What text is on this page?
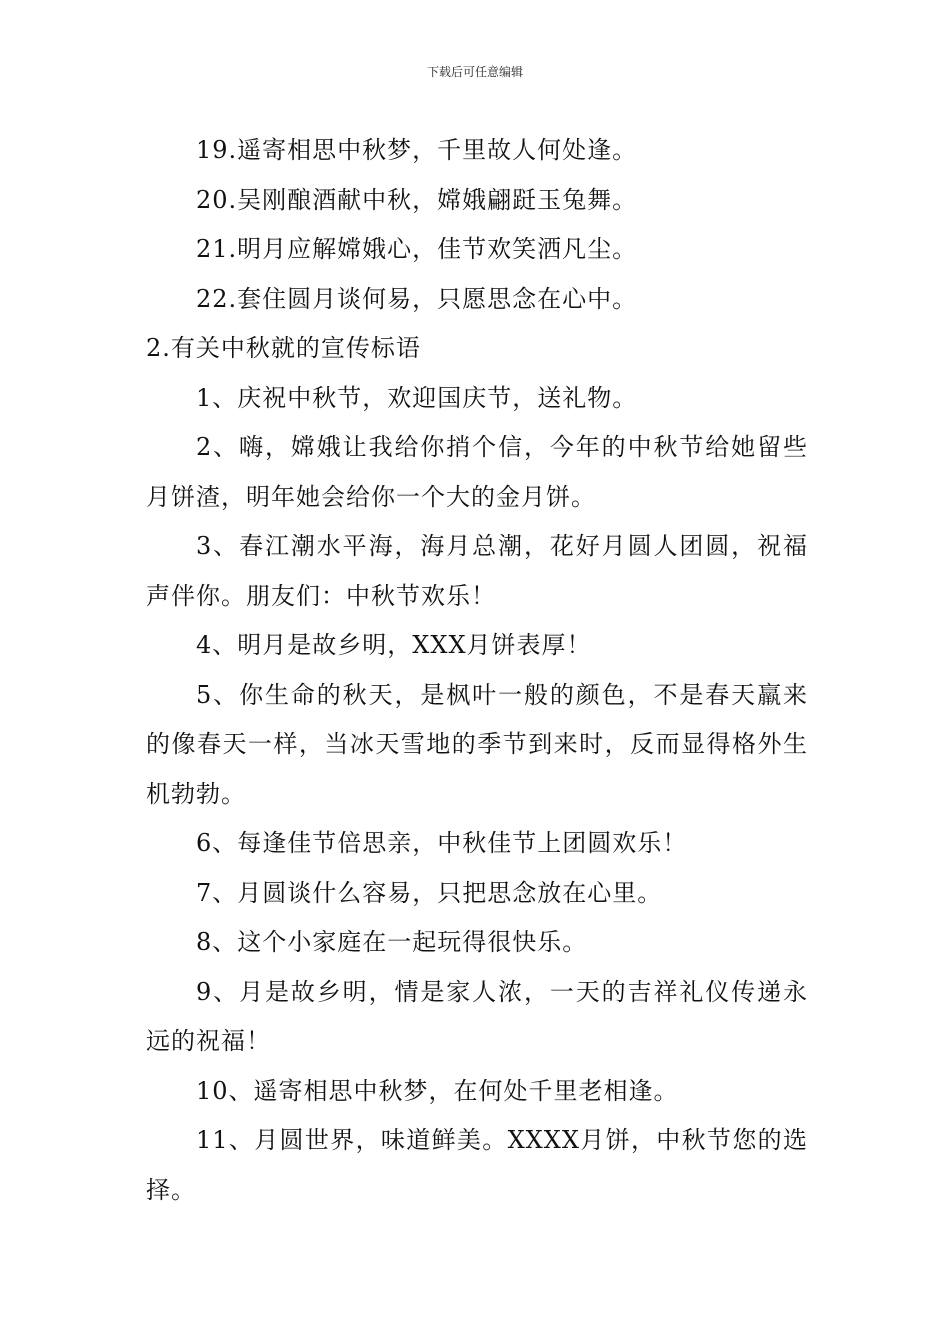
下载后可任意编辑

19.遥寄相思中秋梦，千里故人何处逢。

20.吴刚酿酒献中秋，嫦娥翩跹玉兔舞。

21.明月应解嫦娥心，佳节欢笑洒凡尘。

22.套住圆月谈何易，只愿思念在心中。

2.有关中秋就的宣传标语

1、庆祝中秋节，欢迎国庆节，送礼物。

2、嗨，嫦娥让我给你捎个信，今年的中秋节给她留些月饼渣，明年她会给你一个大的金月饼。

3、春江潮水平海，海月总潮，花好月圆人团圆，祝福声伴你。朋友们：中秋节欢乐！

4、明月是故乡明，XXX月饼表厚！

5、你生命的秋天，是枫叶一般的颜色，不是春天羸来的像春天一样，当冰天雪地的季节到来时，反而显得格外生机勃勃。

6、每逢佳节倍思亲，中秋佳节上团圆欢乐！

7、月圆谈什么容易，只把思念放在心里。

8、这个小家庭在一起玩得很快乐。

9、月是故乡明，情是家人浓，一天的吉祥礼仪传递永远的祝福！

10、遥寄相思中秋梦，在何处千里老相逢。

11、月圆世界，味道鲜美。XXXX月饼，中秋节您的选择。
